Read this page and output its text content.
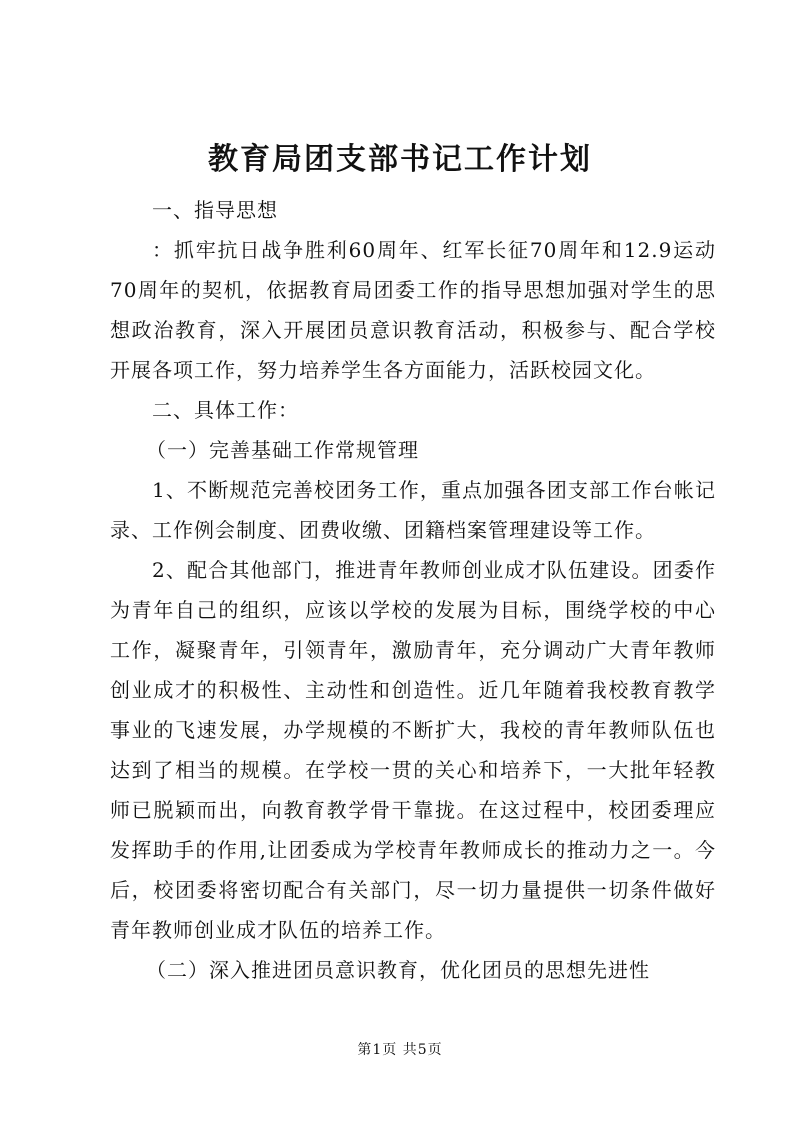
教育局团支部书记工作计划

一、指导思想

：抓牢抗日战争胜利60周年、红军长征70周年和12.9运动70周年的契机，依据教育局团委工作的指导思想加强对学生的思想政治教育，深入开展团员意识教育活动，积极参与、配合学校开展各项工作，努力培养学生各方面能力，活跃校园文化。

二、具体工作：

（一）完善基础工作常规管理

1、不断规范完善校团务工作，重点加强各团支部工作台帐记录、工作例会制度、团费收缴、团籍档案管理建设等工作。

2、配合其他部门，推进青年教师创业成才队伍建设。团委作为青年自己的组织，应该以学校的发展为目标，围绕学校的中心工作，凝聚青年，引领青年，激励青年，充分调动广大青年教师创业成才的积极性、主动性和创造性。近几年随着我校教育教学事业的飞速发展，办学规模的不断扩大，我校的青年教师队伍也达到了相当的规模。在学校一贯的关心和培养下，一大批年轻教师已脱颖而出，向教育教学骨干靠拢。在这过程中，校团委理应发挥助手的作用,让团委成为学校青年教师成长的推动力之一。今后，校团委将密切配合有关部门，尽一切力量提供一切条件做好青年教师创业成才队伍的培养工作。

（二）深入推进团员意识教育，优化团员的思想先进性

第1页 共5页
